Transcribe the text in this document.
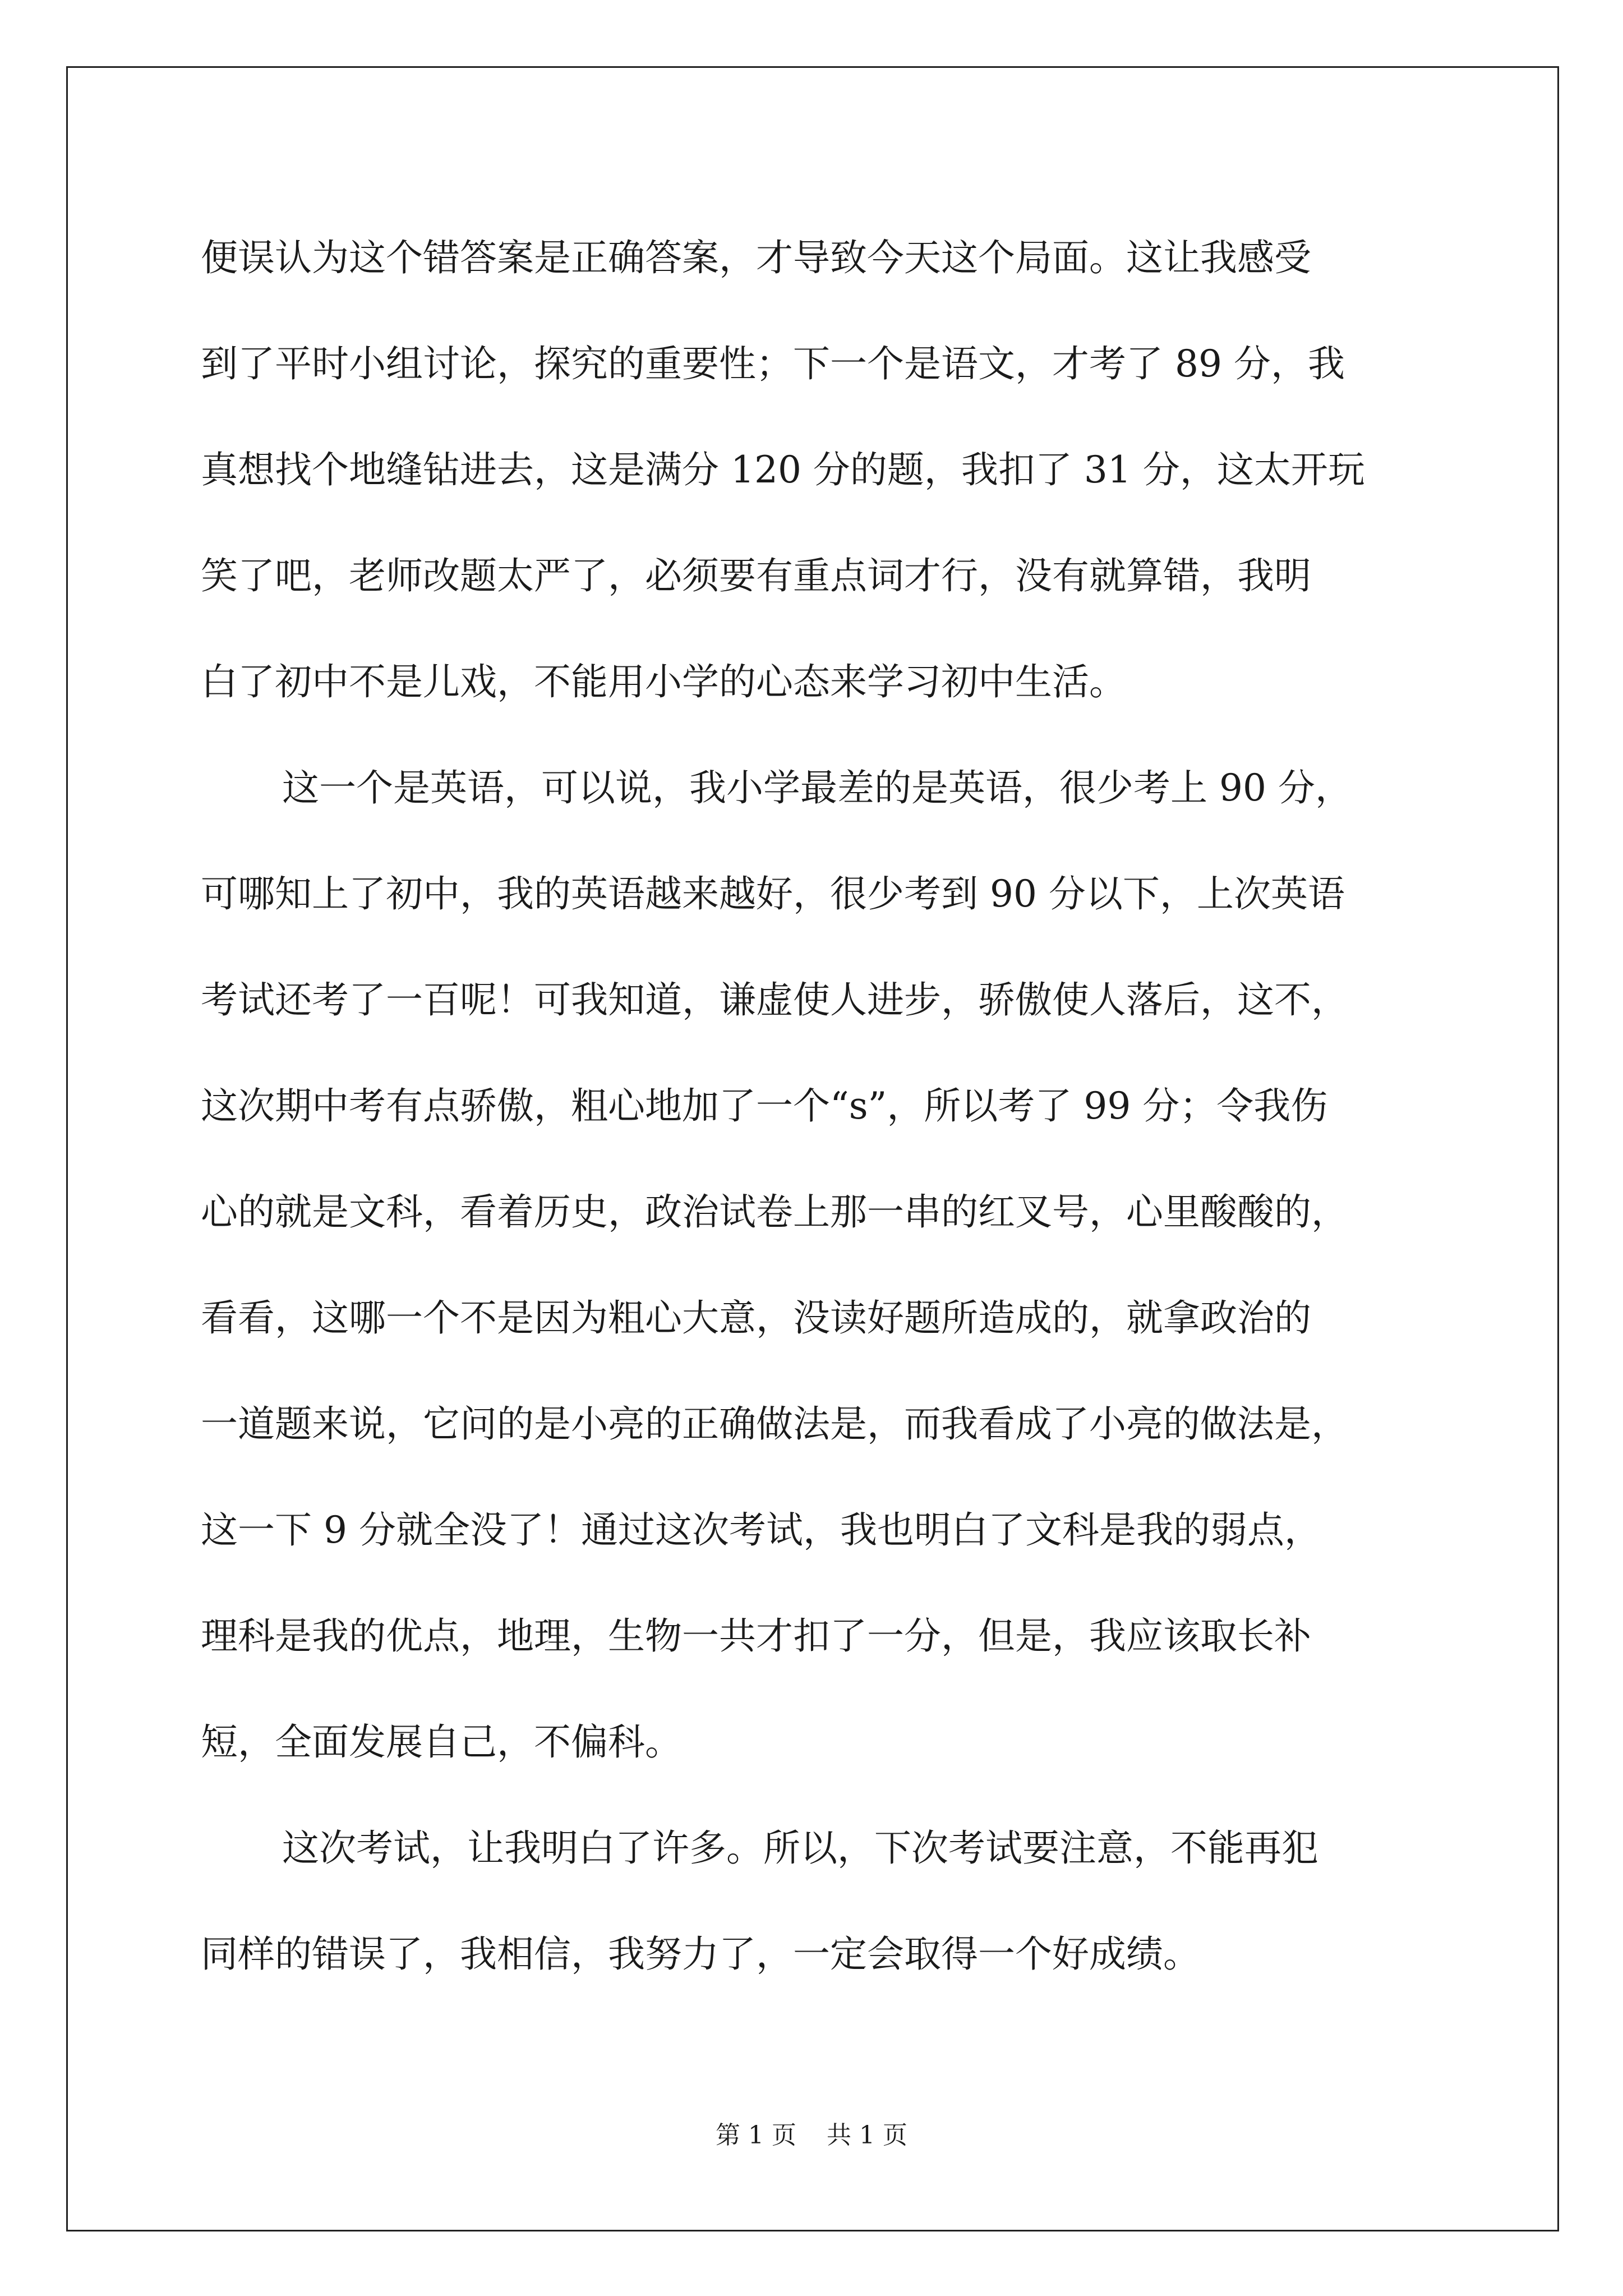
便误认为这个错答案是正确答案，才导致今天这个局面。这让我感受
到了平时小组讨论，探究的重要性；下一个是语文，才考了 89 分，我
真想找个地缝钻进去，这是满分 120 分的题，我扣了 31 分，这太开玩
笑了吧，老师改题太严了，必须要有重点词才行，没有就算错，我明
白了初中不是儿戏，不能用小学的心态来学习初中生活。
这一个是英语，可以说，我小学最差的是英语，很少考上 90 分，
可哪知上了初中，我的英语越来越好，很少考到 90 分以下，上次英语
考试还考了一百呢！可我知道，谦虚使人进步，骄傲使人落后，这不，
这次期中考有点骄傲，粗心地加了一个“s”，所以考了 99 分；令我伤
心的就是文科，看着历史，政治试卷上那一串的红叉号，心里酸酸的，
看看，这哪一个不是因为粗心大意，没读好题所造成的，就拿政治的
一道题来说，它问的是小亮的正确做法是，而我看成了小亮的做法是，
这一下 9 分就全没了！通过这次考试，我也明白了文科是我的弱点，
理科是我的优点，地理，生物一共才扣了一分，但是，我应该取长补
短，全面发展自己，不偏科。
这次考试，让我明白了许多。所以，下次考试要注意，不能再犯
同样的错误了，我相信，我努力了，一定会取得一个好成绩。
第 1 页 共 1 页
